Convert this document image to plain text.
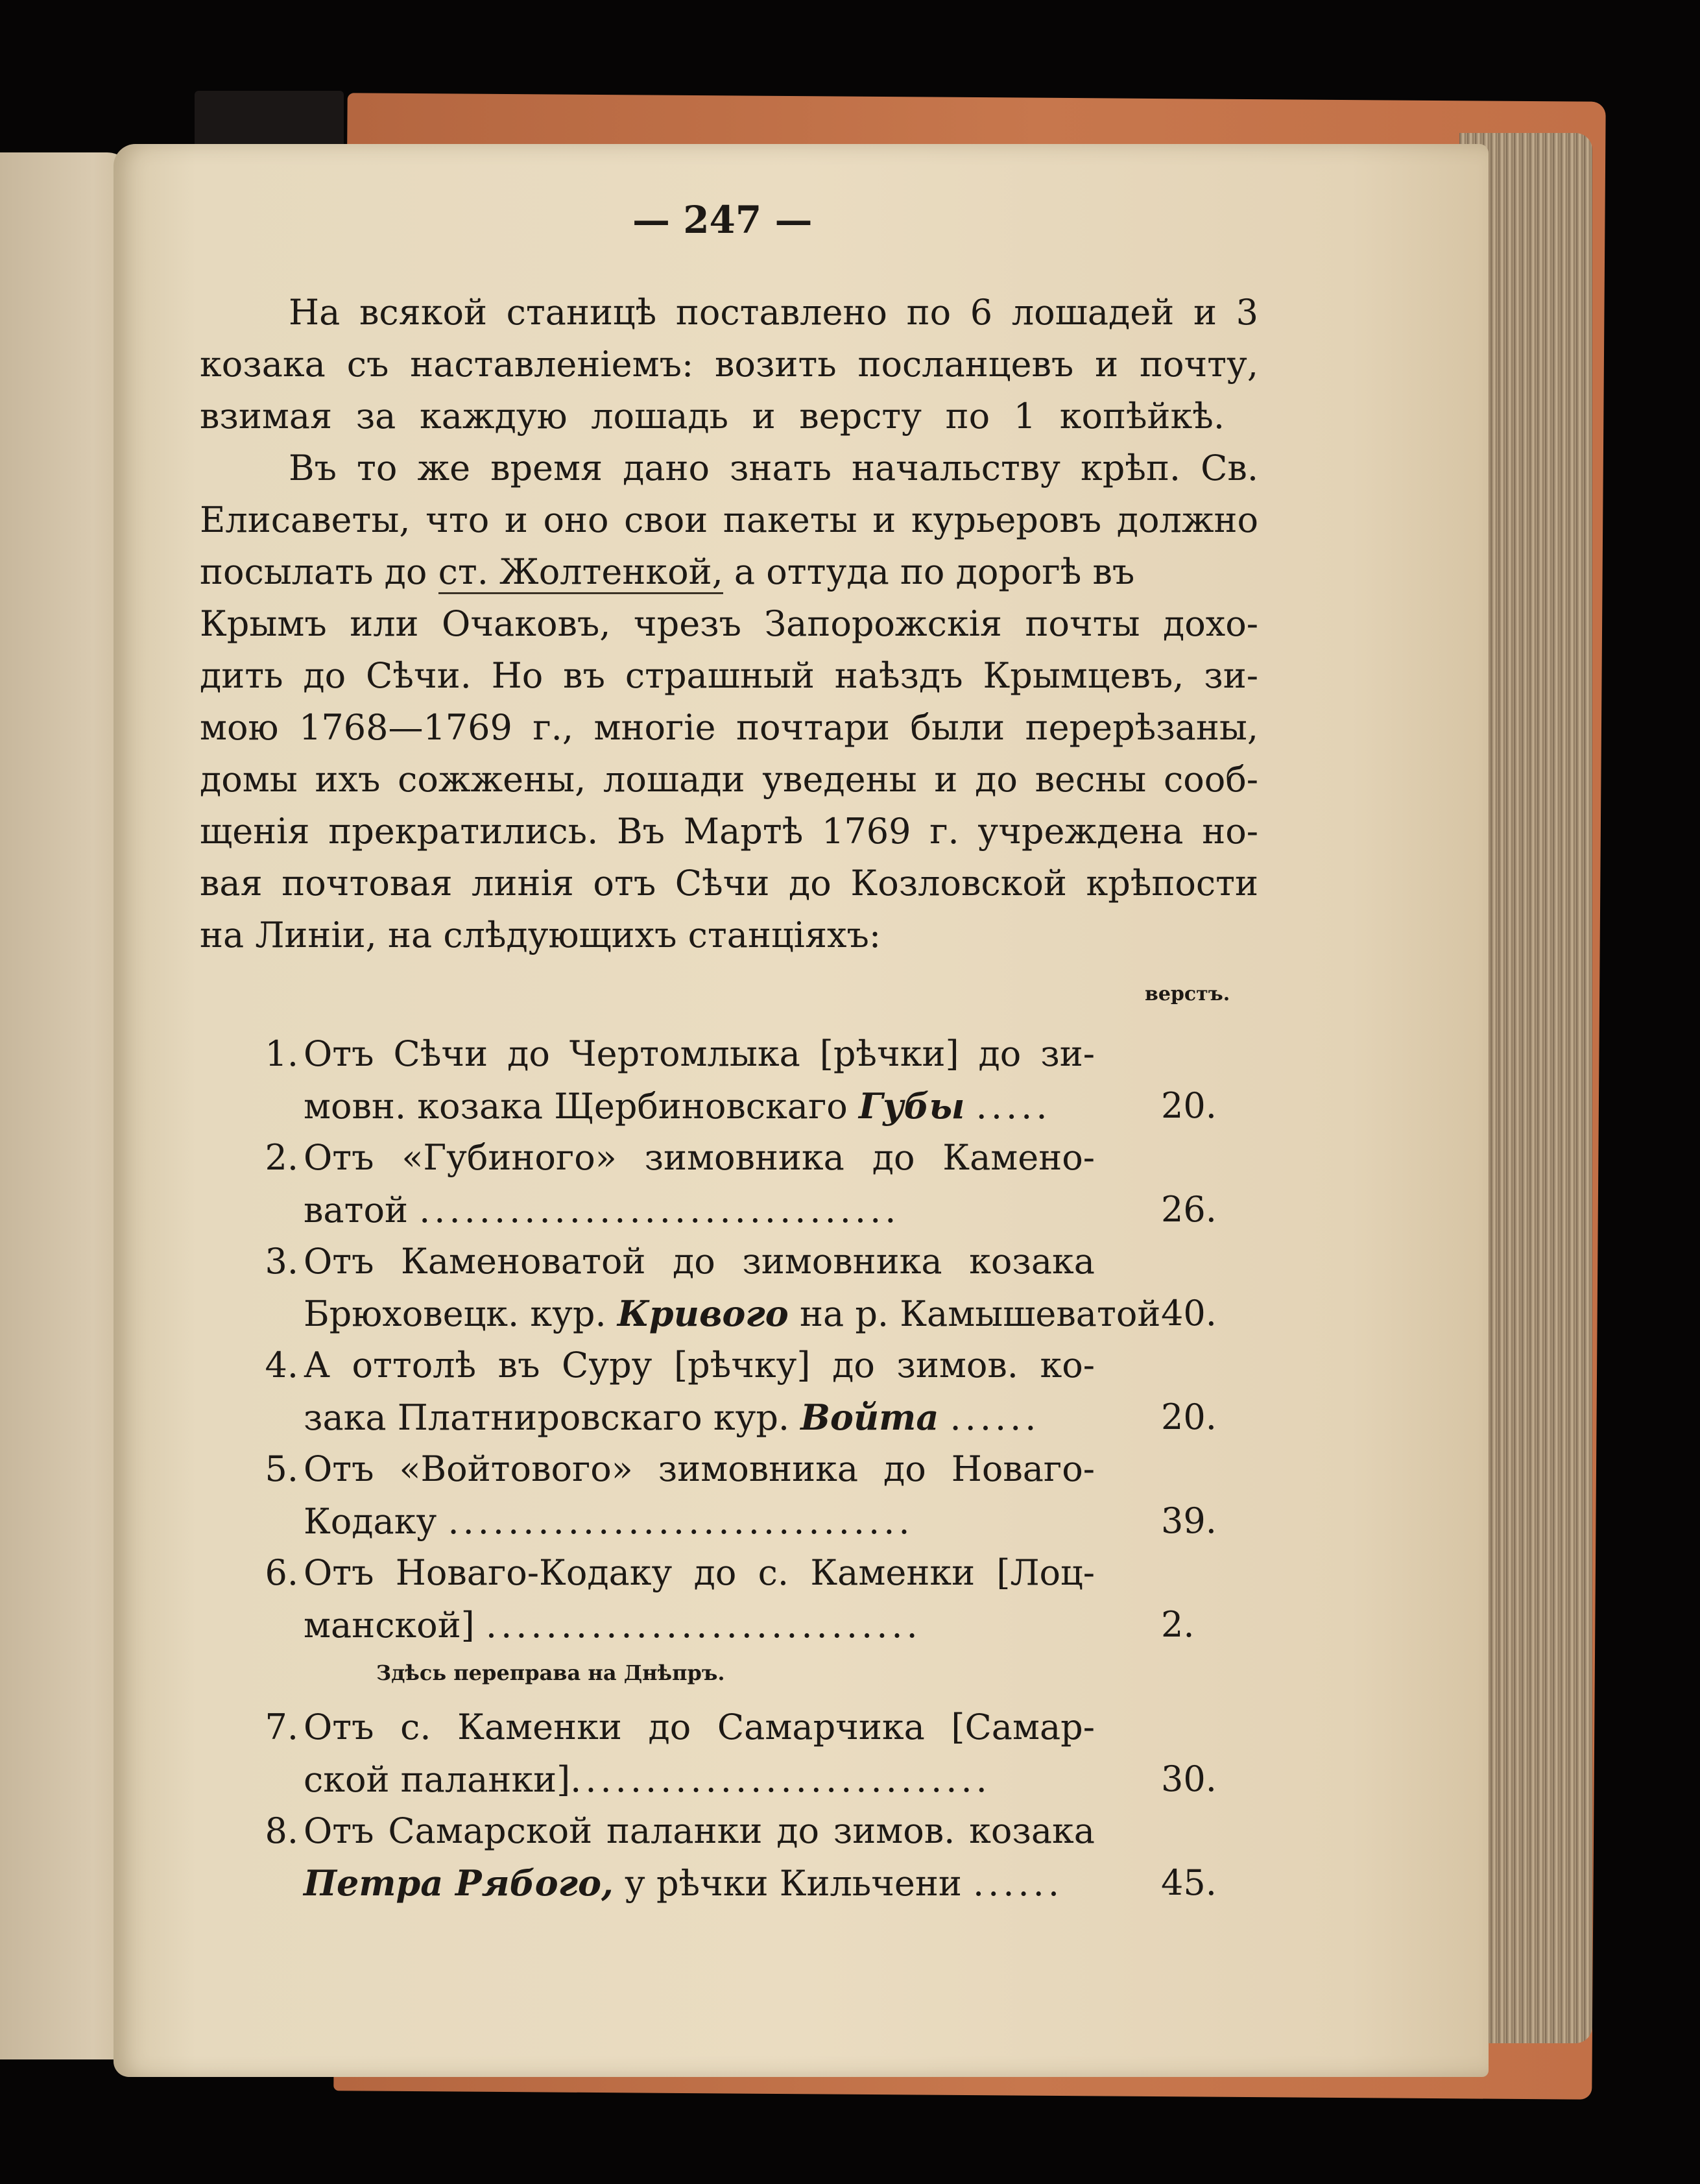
— 247 —

На всякой станицѣ поставлено по 6 лошадей и 3

козака съ наставленіемъ: возить посланцевъ и почту,

взимая за каждую лошадь и версту по 1 копѣйкѣ.

Въ то же время дано знать начальству крѣп. Св.

Елисаветы, что и оно свои пакеты и курьеровъ должно

посылать до ст. Жолтенкой, а оттуда по дорогѣ въ

Крымъ или Очаковъ, чрезъ Запорожскія почты дохо-

дить до Сѣчи. Но въ страшный наѣздъ Крымцевъ, зи-

мою 1768—1769 г., многіе почтари были перерѣзаны,

домы ихъ сожжены, лошади уведены и до весны сооб-

щенія прекратились. Въ Мартѣ 1769 г. учреждена но-

вая почтовая линія отъ Сѣчи до Козловской крѣпости

на Линіи, на слѣдующихъ станціяхъ:

верстъ.

1. Отъ Сѣчи до Чертомлыка [рѣчки] до зи-

мовн. козака Щербиновскаго Губы .....	20.

2. Отъ «Губиного» зимовника до Камено-

ватой ................................	26.

3. Отъ Каменоватой до зимовника козака

Брюховецк. кур. Кривого на р. Камышеватой 40.

4. А оттолѣ въ Суру [рѣчку] до зимов. ко-

зака Платнировскаго кур. Войта ......	20.

5. Отъ «Войтового» зимовника до Новаго-

Кодаку ...............................	39.

6. Отъ Новаго-Кодаку до с. Каменки [Лоц-

манской] .............................	2.

Здѣсь переправа на Днѣпръ.

7. Отъ с. Каменки до Самарчика [Самар-

ской паланки]............................	30.

8. Отъ Самарской паланки до зимов. козака

Петра Рябого, у рѣчки Кильчени ......	45.
